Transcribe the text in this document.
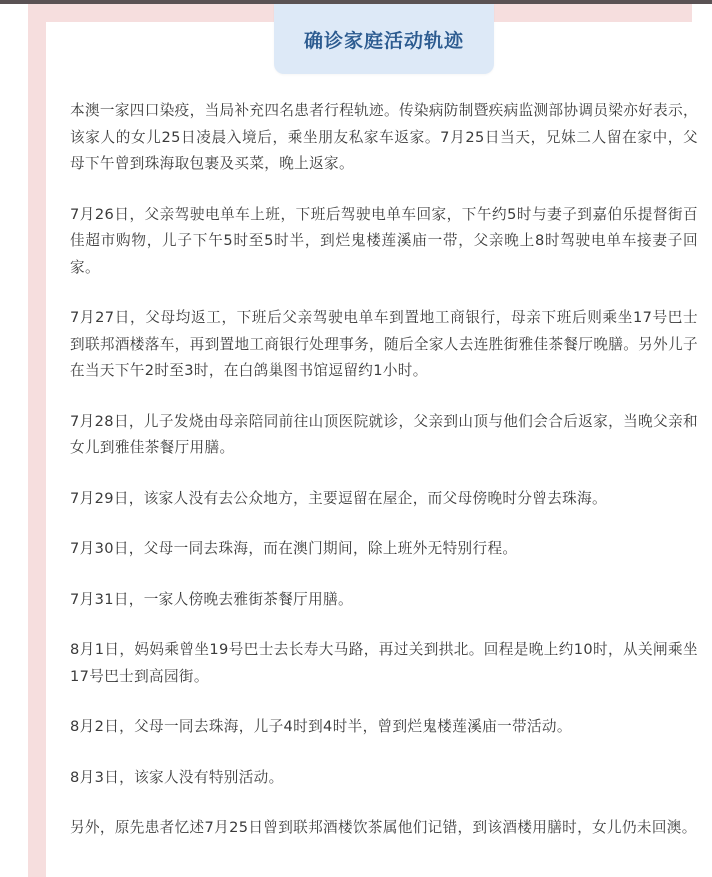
确诊家庭活动轨迹

本澳一家四口染疫，当局补充四名患者行程轨迹。传染病防制暨疾病监测部协调员梁亦好表示，该家人的女儿25日凌晨入境后，乘坐朋友私家车返家。7月25日当天，兄妹二人留在家中，父母下午曾到珠海取包裹及买菜，晚上返家。

7月26日，父亲驾驶电单车上班，下班后驾驶电单车回家，下午约5时与妻子到嘉伯乐提督街百佳超市购物，儿子下午5时至5时半，到烂鬼楼莲溪庙一带，父亲晚上8时驾驶电单车接妻子回家。

7月27日，父母均返工，下班后父亲驾驶电单车到置地工商银行，母亲下班后则乘坐17号巴士到联邦酒楼落车，再到置地工商银行处理事务，随后全家人去连胜街雅佳茶餐厅晚膳。另外儿子在当天下午2时至3时，在白鸽巢图书馆逗留约1小时。

7月28日，儿子发烧由母亲陪同前往山顶医院就诊，父亲到山顶与他们会合后返家，当晚父亲和女儿到雅佳茶餐厅用膳。

7月29日，该家人没有去公众地方，主要逗留在屋企，而父母傍晚时分曾去珠海。

7月30日，父母一同去珠海，而在澳门期间，除上班外无特别行程。

7月31日，一家人傍晚去雅街茶餐厅用膳。

8月1日，妈妈乘曾坐19号巴士去长寿大马路，再过关到拱北。回程是晚上约10时，从关闸乘坐17号巴士到高园街。

8月2日，父母一同去珠海，儿子4时到4时半，曾到烂鬼楼莲溪庙一带活动。

8月3日，该家人没有特别活动。

另外，原先患者忆述7月25日曾到联邦酒楼饮茶属他们记错，到该酒楼用膳时，女儿仍未回澳。
